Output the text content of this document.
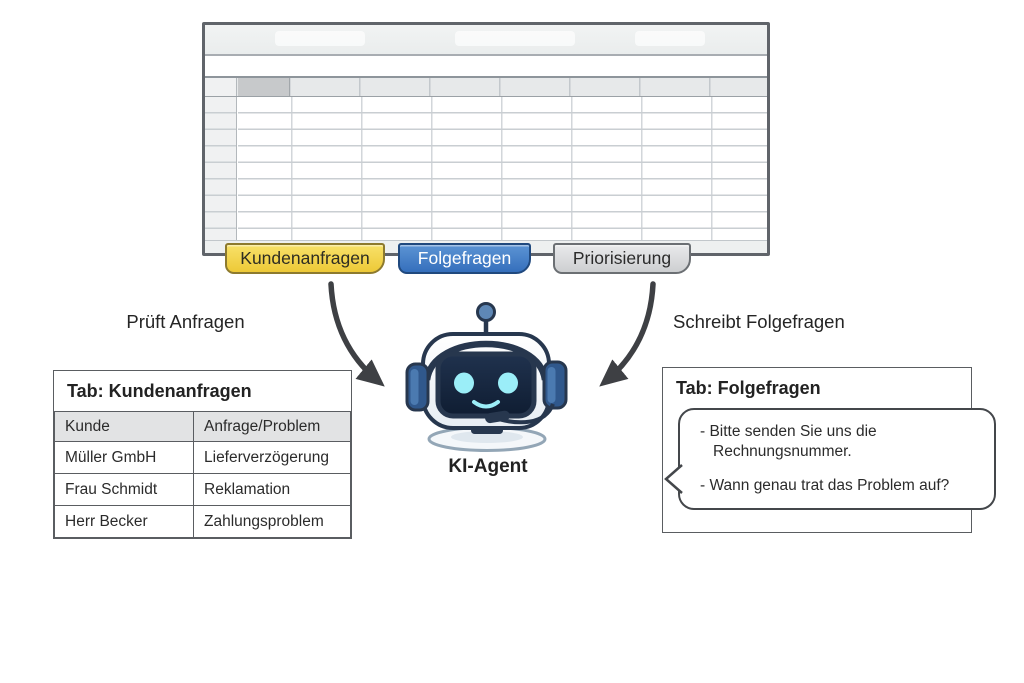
Kundenanfragen	Folgefragen	Priorisierung
Prüft Anfragen	Schreibt Folgefragen
KI-Agent
Tab: Kundenanfragen
Kunde	Anfrage/Problem
Müller GmbH	Lieferverzögerung
Frau Schmidt	Reklamation
Herr Becker	Zahlungsproblem
Tab: Folgefragen
- Bitte senden Sie uns die
Rechnungsnummer.
- Wann genau trat das Problem auf?
